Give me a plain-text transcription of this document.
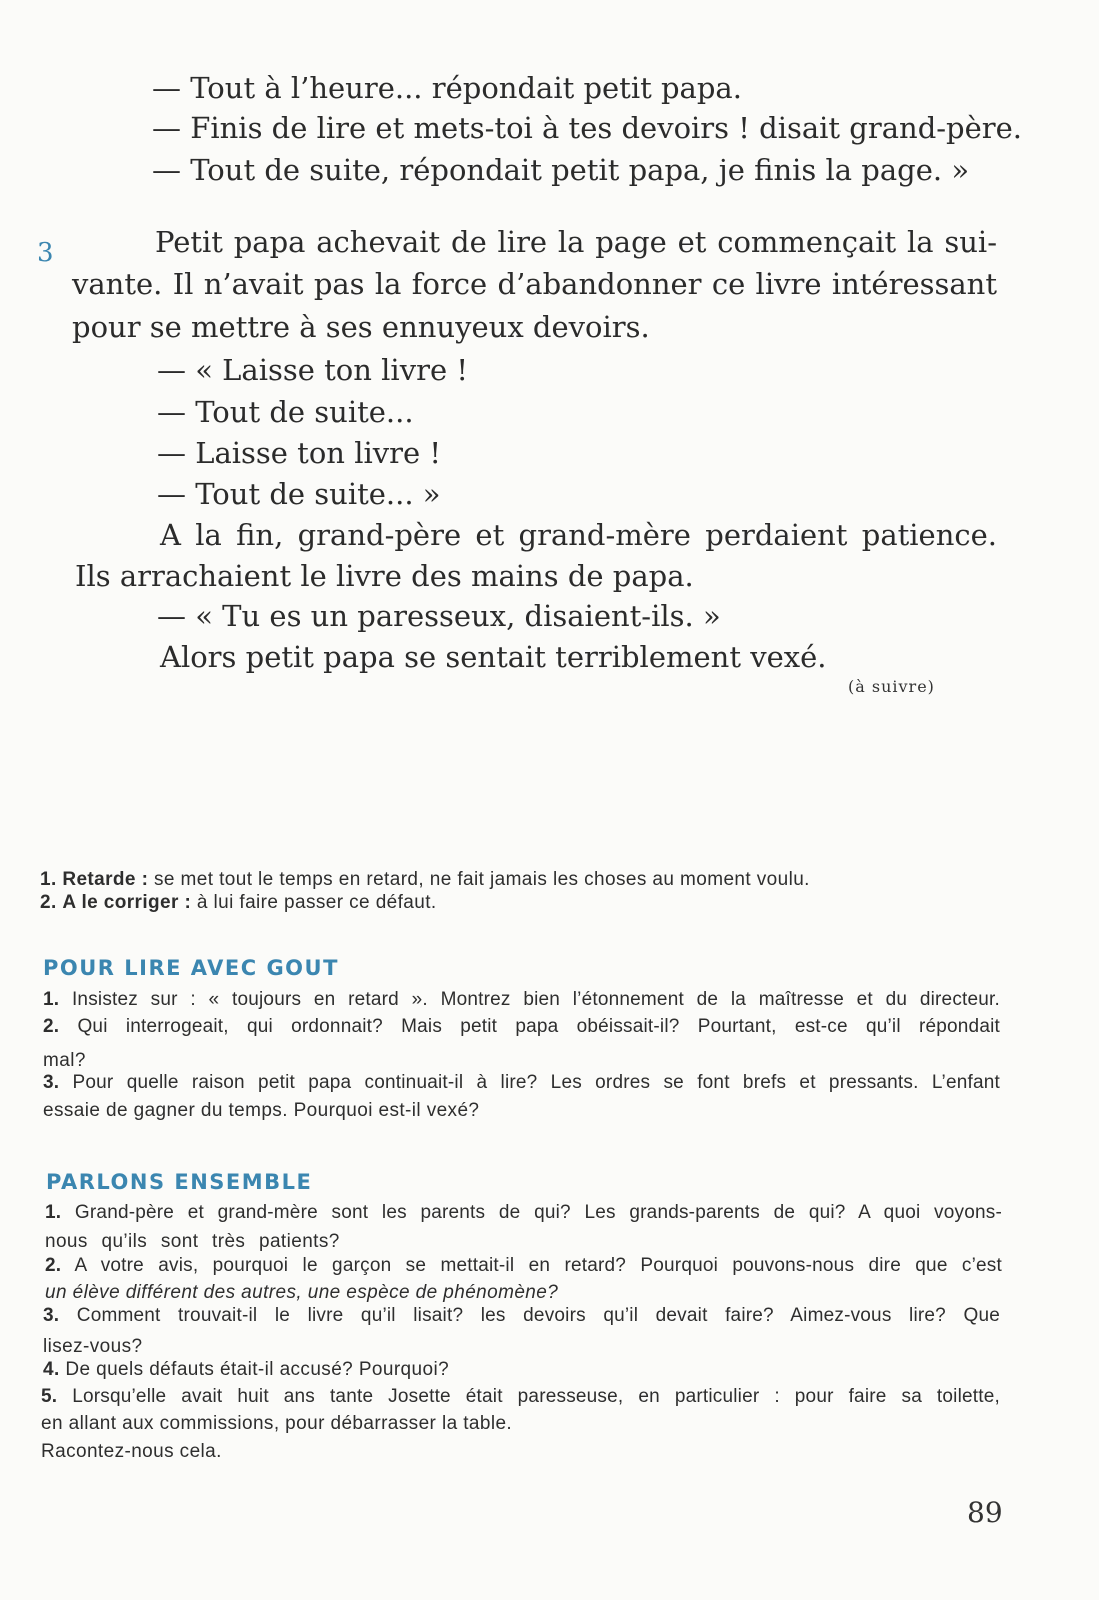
— Tout à l’heure... répondait petit papa.
— Finis de lire et mets-toi à tes devoirs ! disait grand-père.
— Tout de suite, répondait petit papa, je finis la page. »
3	Petit papa achevait de lire la page et commençait la sui-
vante. Il n’avait pas la force d’abandonner ce livre intéressant
pour se mettre à ses ennuyeux devoirs.
— « Laisse ton livre !
— Tout de suite...
— Laisse ton livre !
— Tout de suite... »
A la fin, grand-père et grand-mère perdaient patience.
Ils arrachaient le livre des mains de papa.
— « Tu es un paresseux, disaient-ils. »
Alors petit papa se sentait terriblement vexé.
(à suivre)
1. Retarde : se met tout le temps en retard, ne fait jamais les choses au moment voulu.
2. A le corriger : à lui faire passer ce défaut.
POUR LIRE AVEC GOUT
1. Insistez sur : « toujours en retard ». Montrez bien l’étonnement de la maîtresse et du directeur.
2. Qui interrogeait, qui ordonnait? Mais petit papa obéissait-il? Pourtant, est-ce qu’il répondait
mal?
3. Pour quelle raison petit papa continuait-il à lire? Les ordres se font brefs et pressants. L’enfant
essaie de gagner du temps. Pourquoi est-il vexé?
PARLONS ENSEMBLE
1. Grand-père et grand-mère sont les parents de qui? Les grands-parents de qui? A quoi voyons-
nous qu’ils sont très patients?
2. A votre avis, pourquoi le garçon se mettait-il en retard? Pourquoi pouvons-nous dire que c’est
un élève différent des autres, une espèce de phénomène?
3. Comment trouvait-il le livre qu’il lisait? les devoirs qu’il devait faire? Aimez-vous lire? Que
lisez-vous?
4. De quels défauts était-il accusé? Pourquoi?
5. Lorsqu’elle avait huit ans tante Josette était paresseuse, en particulier : pour faire sa toilette,
en allant aux commissions, pour débarrasser la table.
Racontez-nous cela.
89
